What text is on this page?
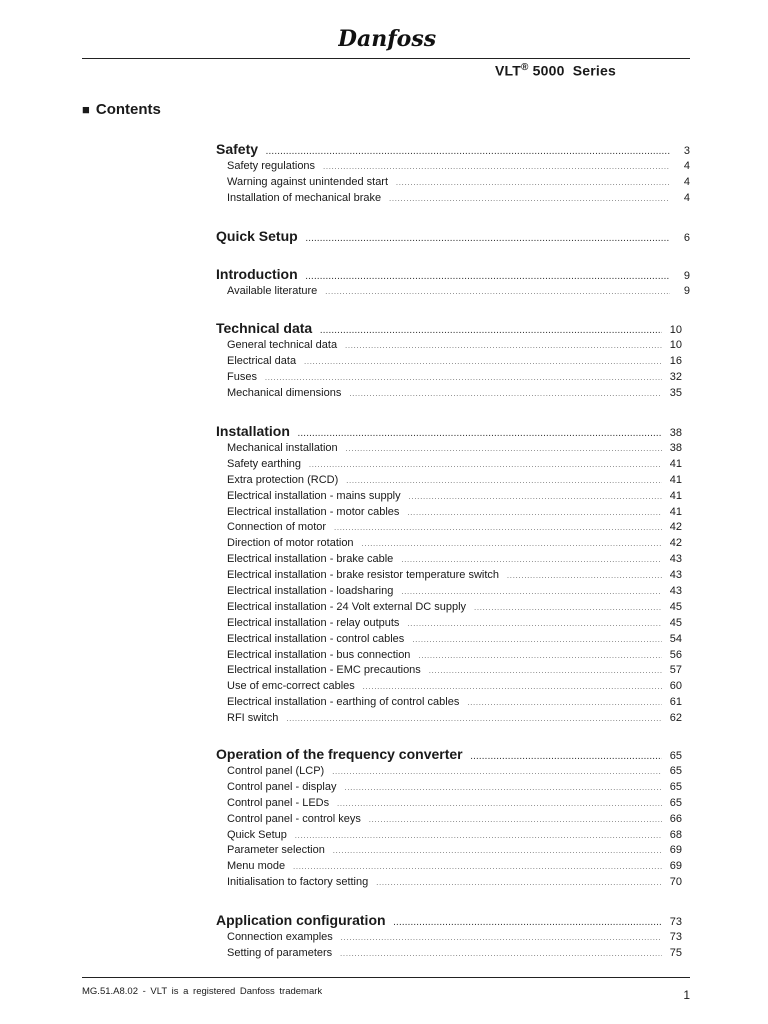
Danfoss
VLT® 5000  Series
■ Contents
Safety . . .	3
Safety regulations . . .	4
Warning against unintended start . . .	4
Installation of mechanical brake . . .	4
Quick Setup . . .	6
Introduction . . .	9
Available literature . . .	9
Technical data . . .	10
General technical data . . .	10
Electrical data . . .	16
Fuses . . .	32
Mechanical dimensions . . .	35
Installation . . .	38
Mechanical installation . . .	38
Safety earthing . . .	41
Extra protection (RCD) . . .	41
Electrical installation - mains supply . . .	41
Electrical installation - motor cables . . .	41
Connection of motor . . .	42
Direction of motor rotation . . .	42
Electrical installation - brake cable . . .	43
Electrical installation - brake resistor temperature switch . . .	43
Electrical installation - loadsharing . . .	43
Electrical installation - 24 Volt external DC supply . . .	45
Electrical installation - relay outputs . . .	45
Electrical installation - control cables . . .	54
Electrical installation - bus connection . . .	56
Electrical installation - EMC precautions . . .	57
Use of emc-correct cables . . .	60
Electrical installation - earthing of control cables . . .	61
RFI switch . . .	62
Operation of the frequency converter . . .	65
Control panel (LCP) . . .	65
Control panel - display . . .	65
Control panel - LEDs . . .	65
Control panel - control keys . . .	66
Quick Setup . . .	68
Parameter selection . . .	69
Menu mode . . .	69
Initialisation to factory setting . . .	70
Application configuration . . .	73
Connection examples . . .	73
Setting of parameters . . .	75
MG.51.A8.02 - VLT is a registered Danfoss trademark	1
